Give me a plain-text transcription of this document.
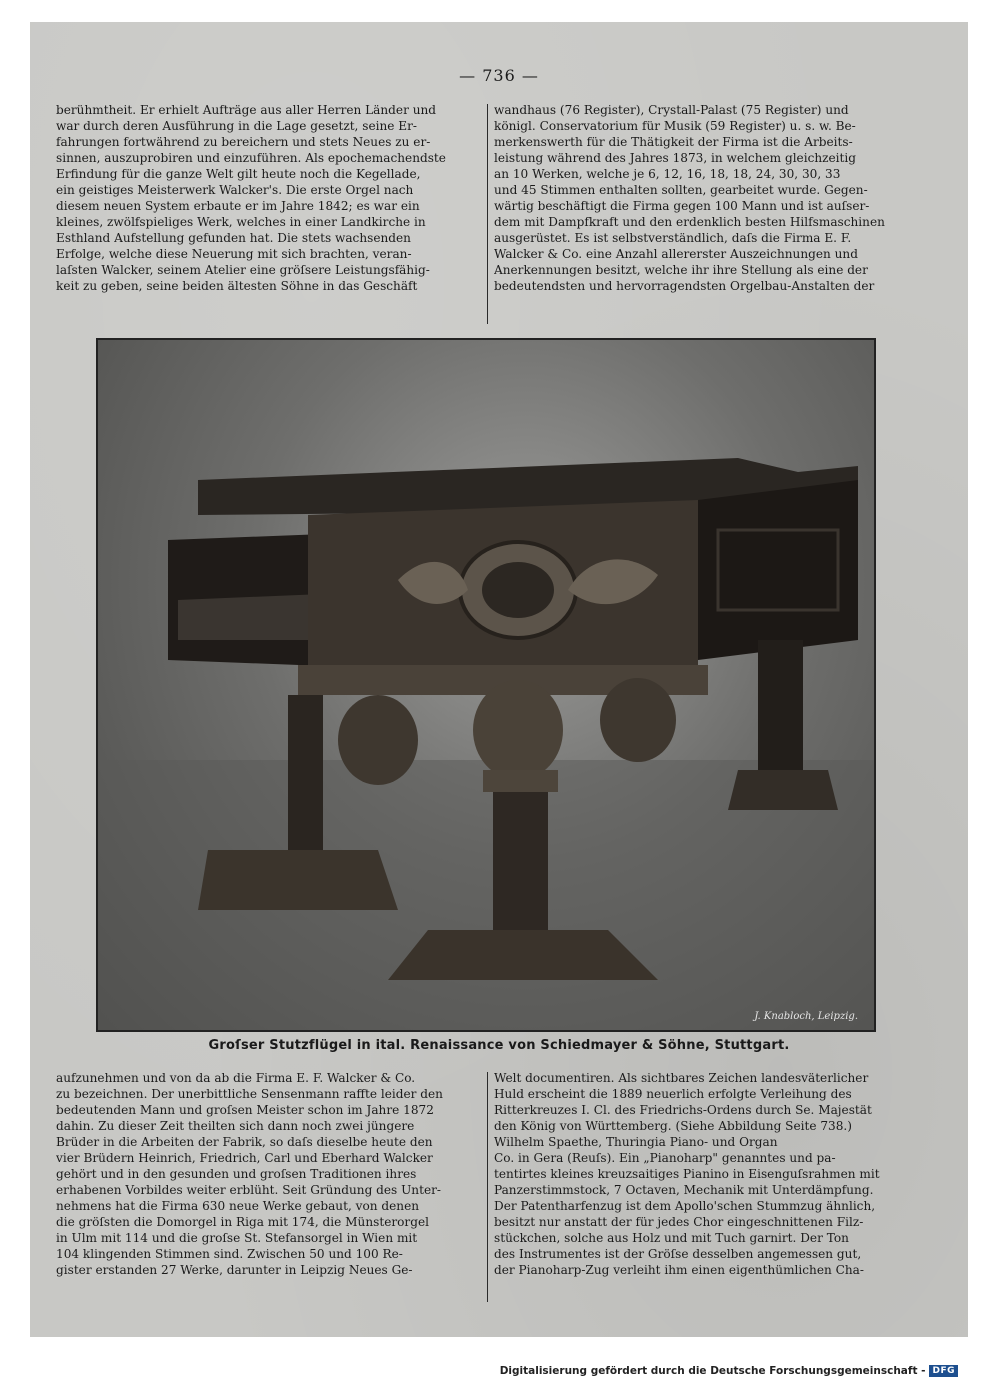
— 736 —
berühmtheit. Er erhielt Aufträge aus aller Herren Länder und
war durch deren Ausführung in die Lage gesetzt, seine Er-
fahrungen fortwährend zu bereichern und stets Neues zu er-
sinnen, auszuprobiren und einzuführen. Als epochemachendste
Erfindung für die ganze Welt gilt heute noch die Kegellade,
ein geistiges Meisterwerk Walcker's. Die erste Orgel nach
diesem neuen System erbaute er im Jahre 1842; es war ein
kleines, zwölfspieliges Werk, welches in einer Landkirche in
Esthland Aufstellung gefunden hat. Die stets wachsenden
Erfolge, welche diese Neuerung mit sich brachten, veran-
laſsten Walcker, seinem Atelier eine gröſsere Leistungsfähig-
keit zu geben, seine beiden ältesten Söhne in das Geschäft
wandhaus (76 Register), Crystall-Palast (75 Register) und
königl. Conservatorium für Musik (59 Register) u. s. w. Be-
merkenswerth für die Thätigkeit der Firma ist die Arbeits-
leistung während des Jahres 1873, in welchem gleichzeitig
an 10 Werken, welche je 6, 12, 16, 18, 18, 24, 30, 30, 33
und 45 Stimmen enthalten sollten, gearbeitet wurde. Gegen-
wärtig beschäftigt die Firma gegen 100 Mann und ist auſser-
dem mit Dampfkraft und den erdenklich besten Hilfsmaschinen
ausgerüstet. Es ist selbstverständlich, daſs die Firma E. F.
Walcker & Co. eine Anzahl allererster Auszeichnungen und
Anerkennungen besitzt, welche ihr ihre Stellung als eine der
bedeutendsten und hervorragendsten Orgelbau-Anstalten der
J. Knabloch, Leipzig.
Groſser Stutzflügel in ital. Renaissance von Schiedmayer & Söhne, Stuttgart.
aufzunehmen und von da ab die Firma E. F. Walcker & Co.
zu bezeichnen. Der unerbittliche Sensenmann raffte leider den
bedeutenden Mann und groſsen Meister schon im Jahre 1872
dahin. Zu dieser Zeit theilten sich dann noch zwei jüngere
Brüder in die Arbeiten der Fabrik, so daſs dieselbe heute den
vier Brüdern Heinrich, Friedrich, Carl und Eberhard Walcker
gehört und in den gesunden und groſsen Traditionen ihres
erhabenen Vorbildes weiter erblüht. Seit Gründung des Unter-
nehmens hat die Firma 630 neue Werke gebaut, von denen
die gröſsten die Domorgel in Riga mit 174, die Münsterorgel
in Ulm mit 114 und die groſse St. Stefansorgel in Wien mit
104 klingenden Stimmen sind. Zwischen 50 und 100 Re-
gister erstanden 27 Werke, darunter in Leipzig Neues Ge-
Welt documentiren. Als sichtbares Zeichen landesväterlicher
Huld erscheint die 1889 neuerlich erfolgte Verleihung des
Ritterkreuzes I. Cl. des Friedrichs-Ordens durch Se. Majestät
den König von Württemberg. (Siehe Abbildung Seite 738.)
Wilhelm Spaethe, Thuringia Piano- und Organ
Co. in Gera (Reuſs). Ein „Pianoharp" genanntes und pa-
tentirtes kleines kreuzsaitiges Pianino in Eisenguſsrahmen mit
Panzerstimmstock, 7 Octaven, Mechanik mit Unterdämpfung.
Der Patentharfenzug ist dem Apollo'schen Stummzug ähnlich,
besitzt nur anstatt der für jedes Chor eingeschnittenen Filz-
stückchen, solche aus Holz und mit Tuch garnirt. Der Ton
des Instrumentes ist der Gröſse desselben angemessen gut,
der Pianoharp-Zug verleiht ihm einen eigenthümlichen Cha-
Digitalisierung gefördert durch die Deutsche Forschungsgemeinschaft - DFG
